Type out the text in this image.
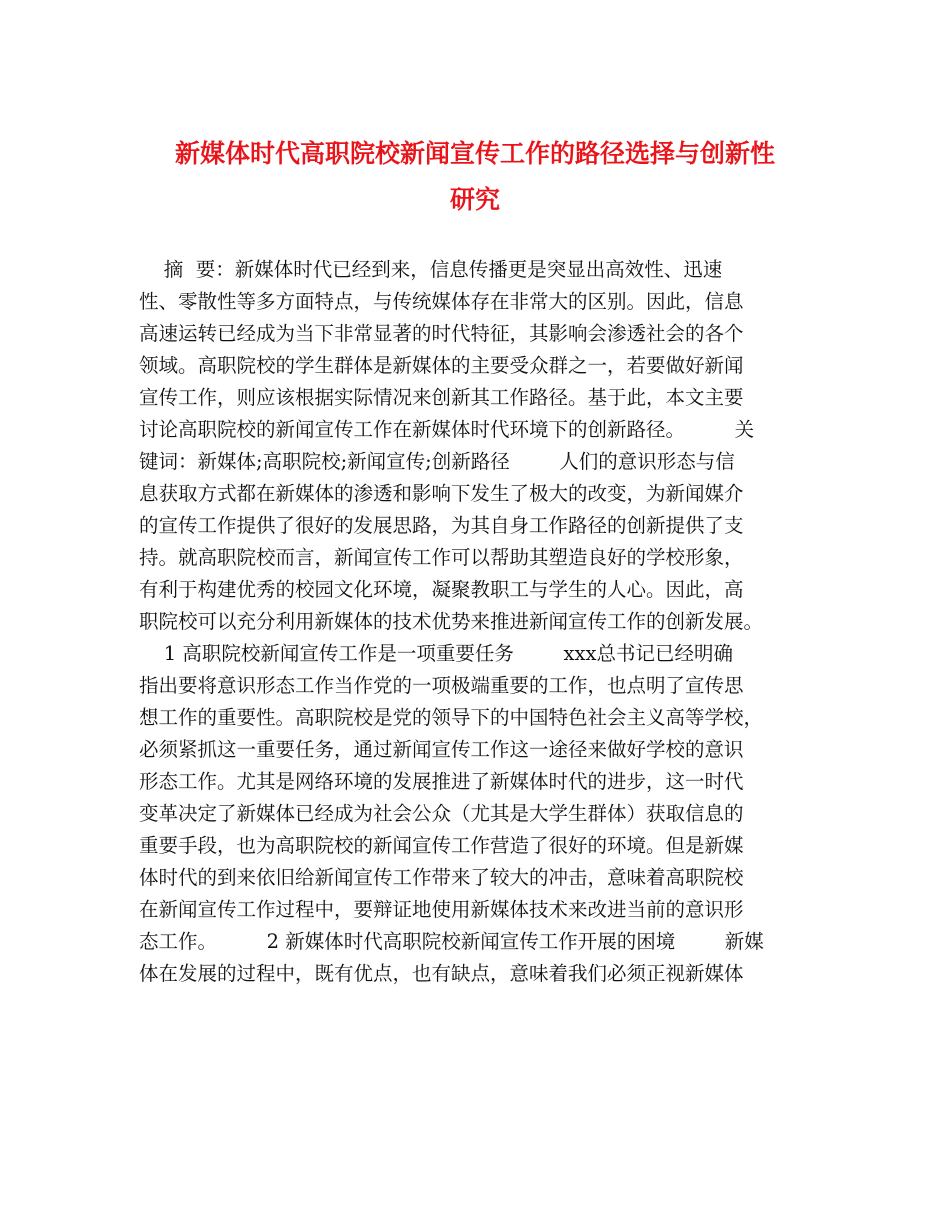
新媒体时代高职院校新闻宣传工作的路径选择与创新性
研究
摘  要：新媒体时代已经到来，信息传播更是突显出高效性、迅速
性、零散性等多方面特点，与传统媒体存在非常大的区别。因此，信息
高速运转已经成为当下非常显著的时代特征，其影响会渗透社会的各个
领域。高职院校的学生群体是新媒体的主要受众群之一，若要做好新闻
宣传工作，则应该根据实际情况来创新其工作路径。基于此，本文主要
讨论高职院校的新闻宣传工作在新媒体时代环境下的创新路径。        关
键词：新媒体;高职院校;新闻宣传;创新路径        人们的意识形态与信
息获取方式都在新媒体的渗透和影响下发生了极大的改变，为新闻媒介
的宣传工作提供了很好的发展思路，为其自身工作路径的创新提供了支
持。就高职院校而言，新闻宣传工作可以帮助其塑造良好的学校形象，
有利于构建优秀的校园文化环境，凝聚教职工与学生的人心。因此，高
职院校可以充分利用新媒体的技术优势来推进新闻宣传工作的创新发展。
1 高职院校新闻宣传工作是一项重要任务        xxx总书记已经明确
指出要将意识形态工作当作党的一项极端重要的工作，也点明了宣传思
想工作的重要性。高职院校是党的领导下的中国特色社会主义高等学校，
必须紧抓这一重要任务，通过新闻宣传工作这一途径来做好学校的意识
形态工作。尤其是网络环境的发展推进了新媒体时代的进步，这一时代
变革决定了新媒体已经成为社会公众（尤其是大学生群体）获取信息的
重要手段，也为高职院校的新闻宣传工作营造了很好的环境。但是新媒
体时代的到来依旧给新闻宣传工作带来了较大的冲击，意味着高职院校
在新闻宣传工作过程中，要辩证地使用新媒体技术来改进当前的意识形
态工作。        2 新媒体时代高职院校新闻宣传工作开展的困境        新媒
体在发展的过程中，既有优点，也有缺点，意味着我们必须正视新媒体
